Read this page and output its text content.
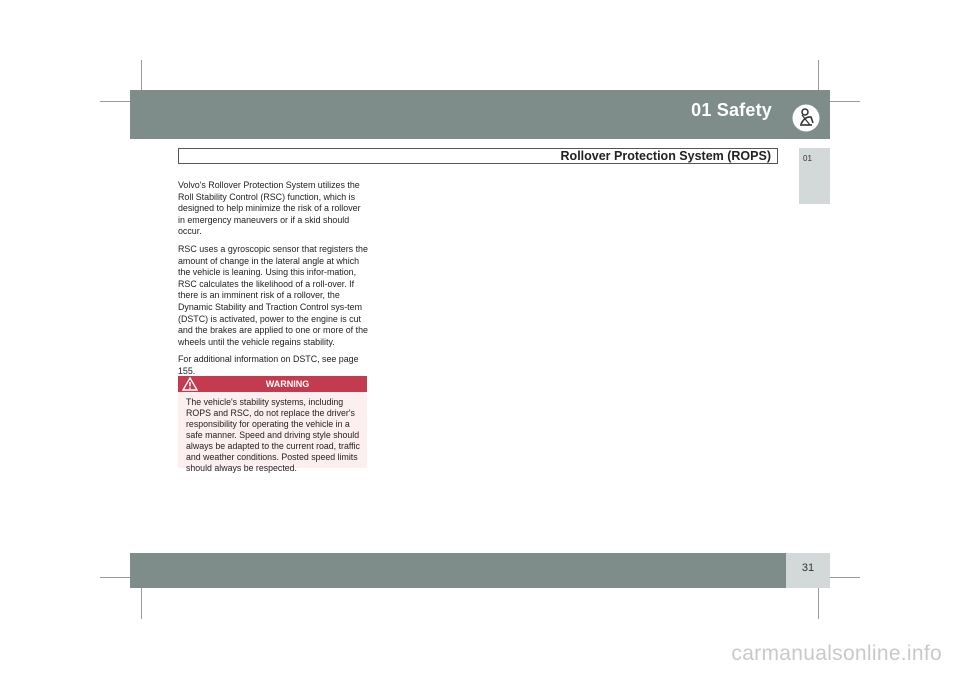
01 Safety
Rollover Protection System (ROPS)	01

Volvo's Rollover Protection System utilizes the Roll Stability Control (RSC) function, which is designed to help minimize the risk of a rollover in emergency maneuvers or if a skid should occur.

RSC uses a gyroscopic sensor that registers the amount of change in the lateral angle at which the vehicle is leaning. Using this infor-mation, RSC calculates the likelihood of a roll-over. If there is an imminent risk of a rollover, the Dynamic Stability and Traction Control sys-tem (DSTC) is activated, power to the engine is cut and the brakes are applied to one or more of the wheels until the vehicle regains stability.

For additional information on DSTC, see page 155.

WARNING
The vehicle's stability systems, including ROPS and RSC, do not replace the driver's responsibility for operating the vehicle in a safe manner. Speed and driving style should always be adapted to the current road, traffic and weather conditions. Posted speed limits should always be respected.
31
carmanualsonline.info
